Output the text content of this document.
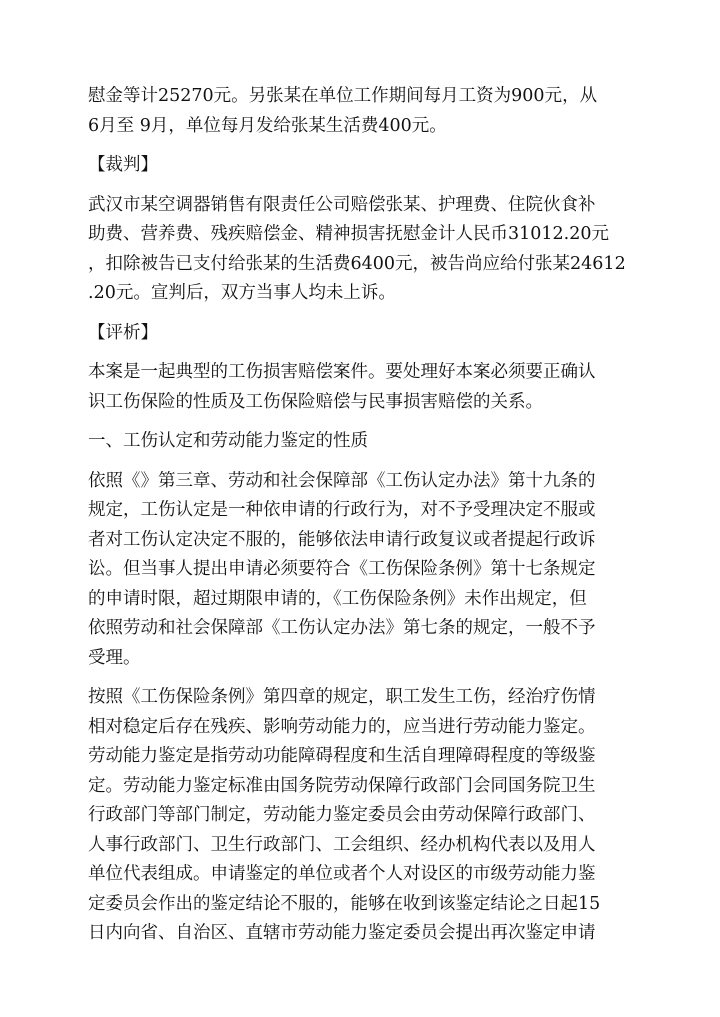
慰金等计25270元。另张某在单位工作期间每月工资为900元，从
6月至 9月，单位每月发给张某生活费400元。
【裁判】
武汉市某空调器销售有限责任公司赔偿张某、护理费、住院伙食补
助费、营养费、残疾赔偿金、精神损害抚慰金计人民币31012.20元
，扣除被告已支付给张某的生活费6400元，被告尚应给付张某24612
.20元。宣判后，双方当事人均未上诉。
【评析】
本案是一起典型的工伤损害赔偿案件。要处理好本案必须要正确认
识工伤保险的性质及工伤保险赔偿与民事损害赔偿的关系。
一、工伤认定和劳动能力鉴定的性质
依照《》第三章、劳动和社会保障部《工伤认定办法》第十九条的
规定，工伤认定是一种依申请的行政行为，对不予受理决定不服或
者对工伤认定决定不服的，能够依法申请行政复议或者提起行政诉
讼。但当事人提出申请必须要符合《工伤保险条例》第十七条规定
的申请时限，超过期限申请的，《工伤保险条例》未作出规定，但
依照劳动和社会保障部《工伤认定办法》第七条的规定，一般不予
受理。
按照《工伤保险条例》第四章的规定，职工发生工伤，经治疗伤情
相对稳定后存在残疾、影响劳动能力的，应当进行劳动能力鉴定。
劳动能力鉴定是指劳动功能障碍程度和生活自理障碍程度的等级鉴
定。劳动能力鉴定标准由国务院劳动保障行政部门会同国务院卫生
行政部门等部门制定，劳动能力鉴定委员会由劳动保障行政部门、
人事行政部门、卫生行政部门、工会组织、经办机构代表以及用人
单位代表组成。申请鉴定的单位或者个人对设区的市级劳动能力鉴
定委员会作出的鉴定结论不服的，能够在收到该鉴定结论之日起15
日内向省、自治区、直辖市劳动能力鉴定委员会提出再次鉴定申请
